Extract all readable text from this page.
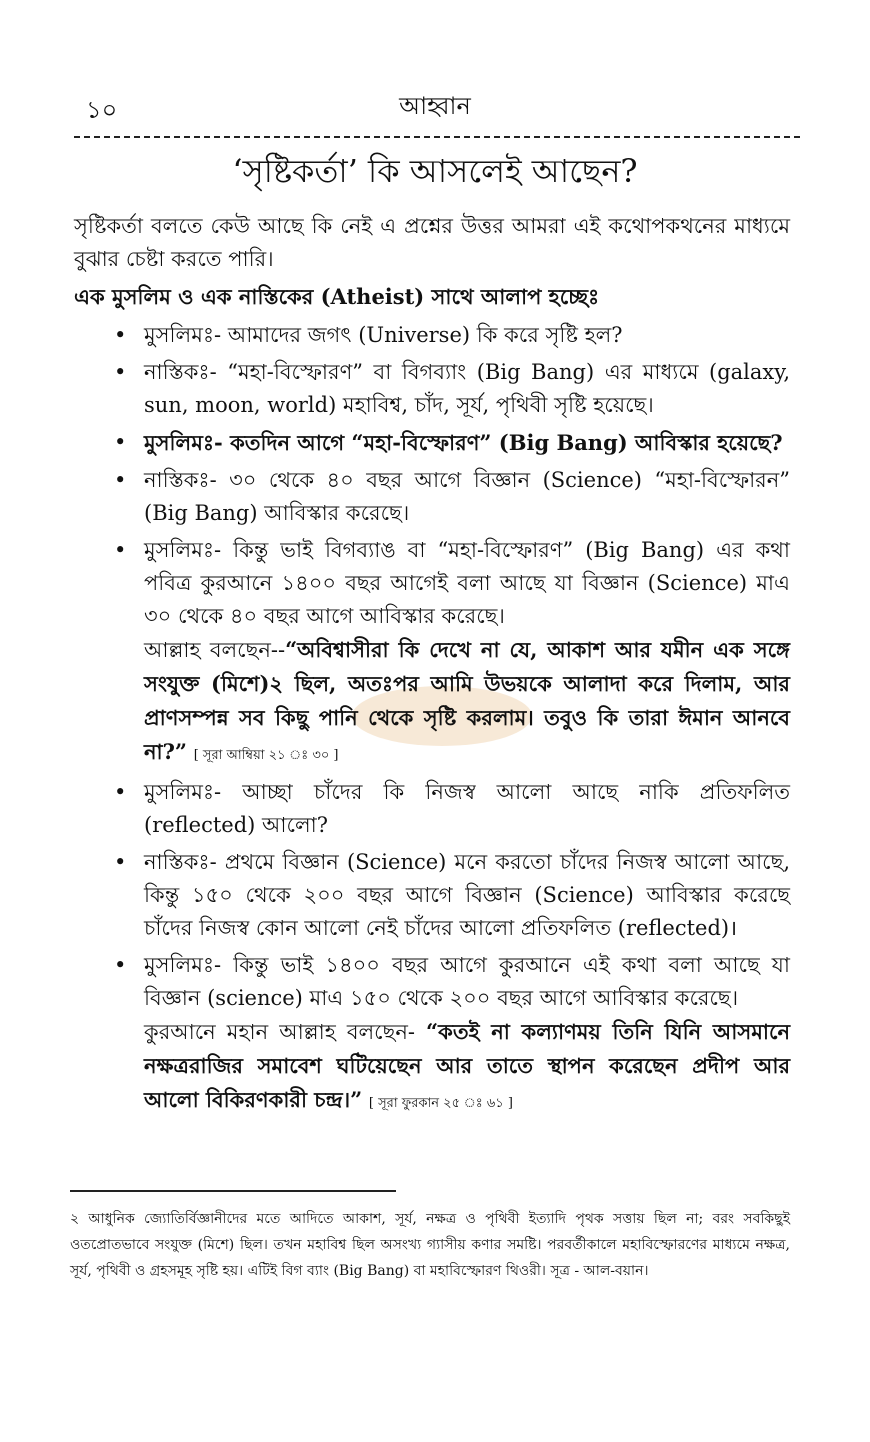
১০	আহ্বান
‘সৃষ্টিকর্তা’ কি আসলেই আছেন?

সৃষ্টিকর্তা বলতে কেউ আছে কি নেই এ প্রশ্নের উত্তর আমরা এই কথোপকথনের মাধ্যমে বুঝার চেষ্টা করতে পারি।

এক মুসলিম ও এক নাস্তিকের (Atheist) সাথে আলাপ হচ্ছেঃ

• মুসলিমঃ- আমাদের জগৎ (Universe) কি করে সৃষ্টি হল?
• নাস্তিকঃ- “মহা-বিস্ফোরণ” বা বিগব্যাং (Big Bang) এর মাধ্যমে (galaxy, sun, moon, world) মহাবিশ্ব, চাঁদ, সূর্য, পৃথিবী সৃষ্টি হয়েছে।
• মুসলিমঃ- কতদিন আগে “মহা-বিস্ফোরণ” (Big Bang) আবিস্কার হয়েছে?
• নাস্তিকঃ- ৩০ থেকে ৪০ বছর আগে বিজ্ঞান (Science) “মহা-বিস্ফোরন” (Big Bang) আবিস্কার করেছে।
• মুসলিমঃ- কিন্তু ভাই বিগব্যাঙ বা “মহা-বিস্ফোরণ” (Big Bang) এর কথা পবিত্র কুরআনে ১৪০০ বছর আগেই বলা আছে যা বিজ্ঞান (Science) মাএ ৩০ থেকে ৪০ বছর আগে আবিস্কার করেছে।
আল্লাহ বলছেন--“অবিশ্বাসীরা কি দেখে না যে, আকাশ আর যমীন এক সঙ্গে সংযুক্ত (মিশে)২ ছিল, অতঃপর আমি উভয়কে আলাদা করে দিলাম, আর প্রাণসম্পন্ন সব কিছু পানি থেকে সৃষ্টি করলাম। তবুও কি তারা ঈমান আনবে না?” [ সূরা আম্বিয়া ২১ ঃ ৩০ ]
• মুসলিমঃ- আচ্ছা চাঁদের কি নিজস্ব আলো আছে নাকি প্রতিফলিত (reflected) আলো?
• নাস্তিকঃ- প্রথমে বিজ্ঞান (Science) মনে করতো চাঁদের নিজস্ব আলো আছে, কিন্তু ১৫০ থেকে ২০০ বছর আগে বিজ্ঞান (Science) আবিস্কার করেছে চাঁদের নিজস্ব কোন আলো নেই চাঁদের আলো প্রতিফলিত (reflected)।
• মুসলিমঃ- কিন্তু ভাই ১৪০০ বছর আগে কুরআনে এই কথা বলা আছে যা বিজ্ঞান (science) মাএ ১৫০ থেকে ২০০ বছর আগে আবিস্কার করেছে।
কুরআনে মহান আল্লাহ বলছেন- “কতই না কল্যাণময় তিনি যিনি আসমানে নক্ষত্ররাজির সমাবেশ ঘটিয়েছেন আর তাতে স্থাপন করেছেন প্রদীপ আর আলো বিকিরণকারী চন্দ্র।” [ সূরা ফুরকান ২৫ ঃ ৬১ ]

২ আধুনিক জ্যোতির্বিজ্ঞানীদের মতে আদিতে আকাশ, সূর্য, নক্ষত্র ও পৃথিবী ইত্যাদি পৃথক সত্তায় ছিল না; বরং সবকিছুই ওতপ্রোতভাবে সংযুক্ত (মিশে) ছিল। তখন মহাবিশ্ব ছিল অসংখ্য গ্যাসীয় কণার সমষ্টি। পরবর্তীকালে মহাবিস্ফোরণের মাধ্যমে নক্ষত্র, সূর্য, পৃথিবী ও গ্রহসমূহ সৃষ্টি হয়। এটিই বিগ ব্যাং (Big Bang) বা মহাবিস্ফোরণ থিওরী। সূত্র - আল-বয়ান।
